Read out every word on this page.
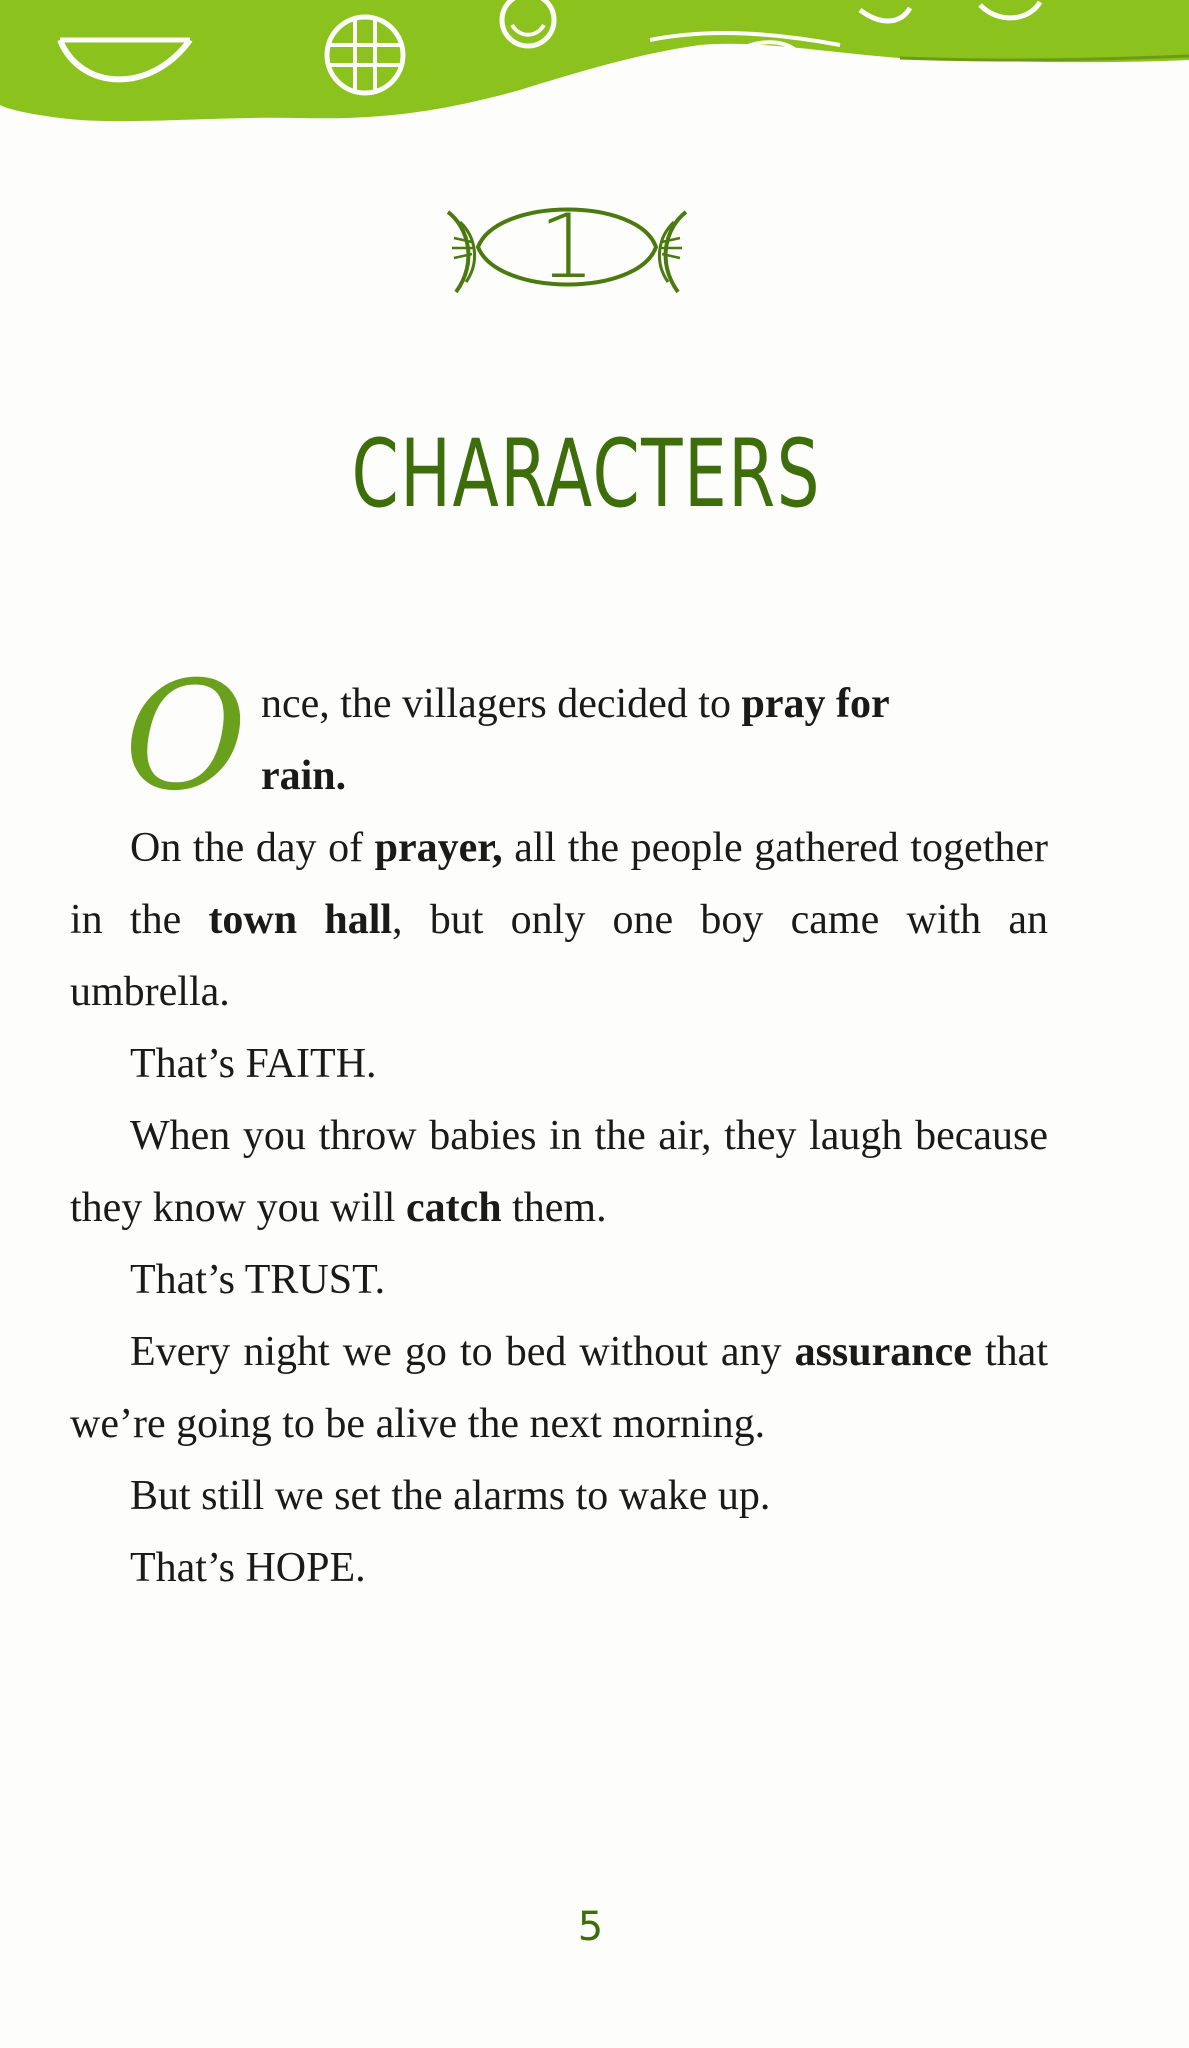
1
CHARACTERS

O nce, the villagers decided to pray for
rain.

On the day of prayer, all the people gathered together in the town hall, but only one boy came with an umbrella.

That’s FAITH.

When you throw babies in the air, they laugh because they know you will catch them.

That’s TRUST.

Every night we go to bed without any assurance that we’re going to be alive the next morning.

But still we set the alarms to wake up.

That’s HOPE.

5
